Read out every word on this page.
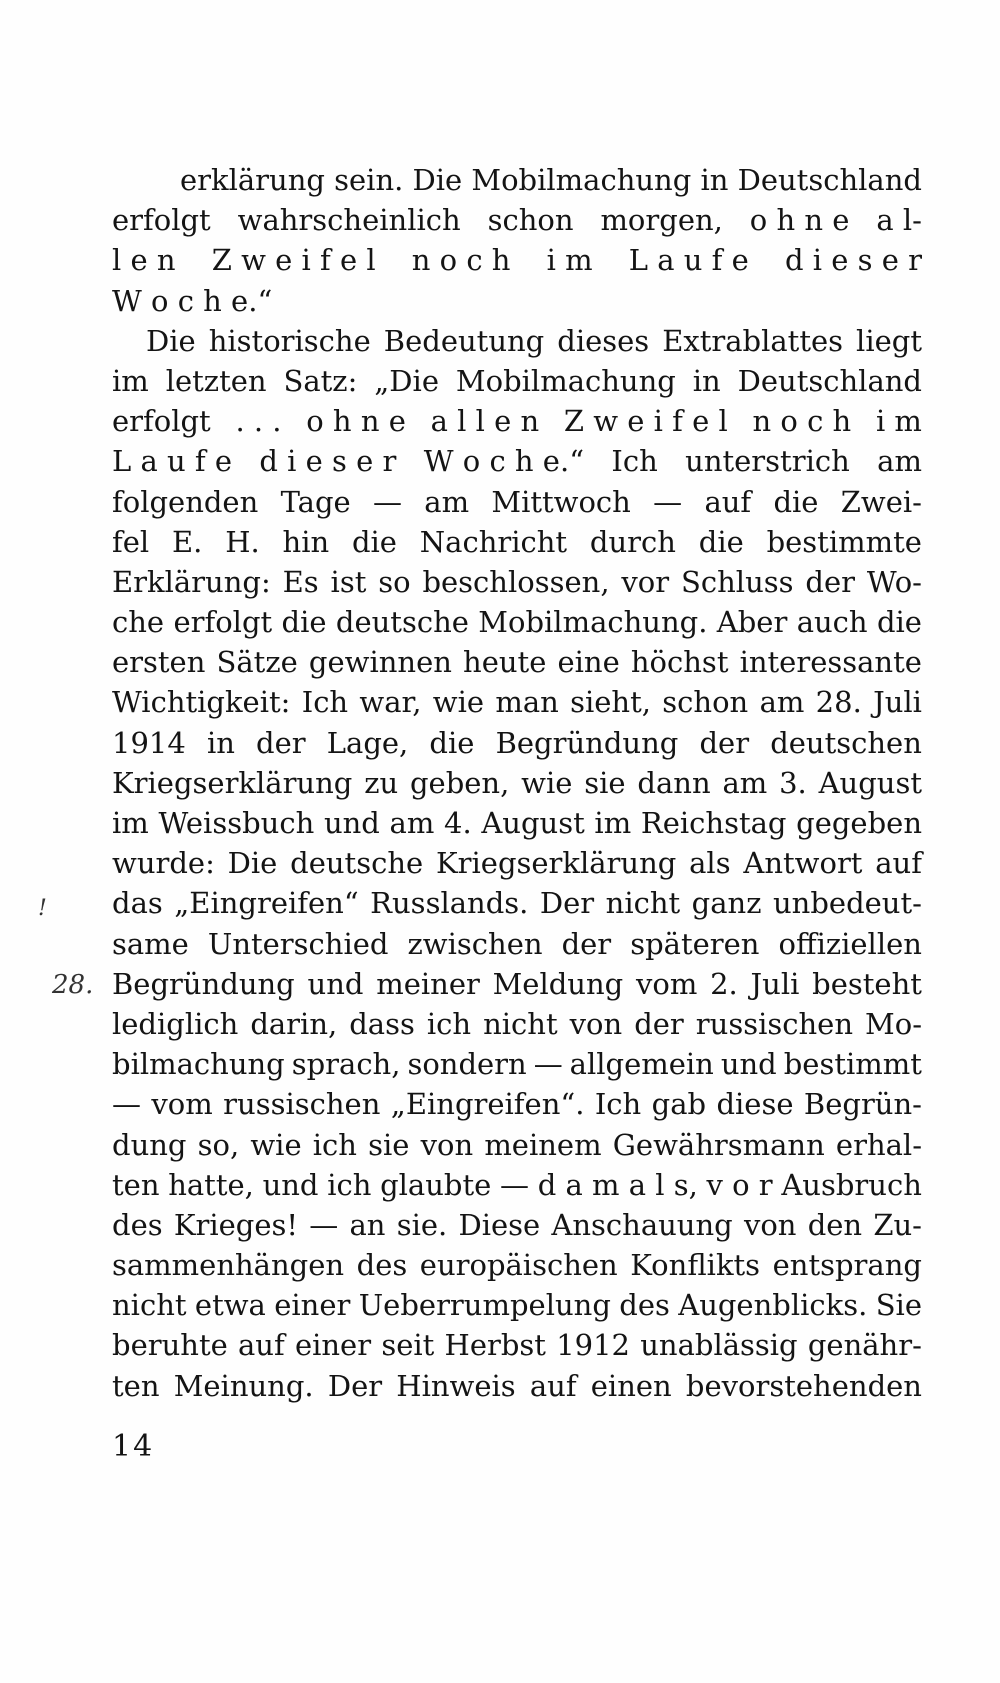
erklärung sein. Die Mobilmachung in Deutschland
erfolgt wahrscheinlich schon morgen, o h n e a l-
l e n Z w e i f e l n o c h i m L a u f e d i e s e r
W o c h e.“
Die historische Bedeutung dieses Extrablattes liegt
im letzten Satz: „Die Mobilmachung in Deutschland
erfolgt . . . o h n e a l l e n Z w e i f e l n o c h i m
L a u f e d i e s e r W o c h e.“ Ich unterstrich am
folgenden Tage — am Mittwoch — auf die Zwei-
fel E. H. hin die Nachricht durch die bestimmte
Erklärung: Es ist so beschlossen, vor Schluss der Wo-
che erfolgt die deutsche Mobilmachung. Aber auch die
ersten Sätze gewinnen heute eine höchst interessante
Wichtigkeit: Ich war, wie man sieht, schon am 28. Juli
1914 in der Lage, die Begründung der deutschen
Kriegserklärung zu geben, wie sie dann am 3. August
im Weissbuch und am 4. August im Reichstag gegeben
wurde: Die deutsche Kriegserklärung als Antwort auf
das „Eingreifen“ Russlands. Der nicht ganz unbedeut-
same Unterschied zwischen der späteren offiziellen
Begründung und meiner Meldung vom 2. Juli besteht
lediglich darin, dass ich nicht von der russischen Mo-
bilmachung sprach, sondern — allgemein und bestimmt
— vom russischen „Eingreifen“. Ich gab diese Begrün-
dung so, wie ich sie von meinem Gewährsmann erhal-
ten hatte, und ich glaubte — d a m a l s, v o r Ausbruch
des Krieges! — an sie. Diese Anschauung von den Zu-
sammenhängen des europäischen Konflikts entsprang
nicht etwa einer Ueberrumpelung des Augenblicks. Sie
beruhte auf einer seit Herbst 1912 unablässig genähr-
ten Meinung. Der Hinweis auf einen bevorstehenden
14
!
28.
